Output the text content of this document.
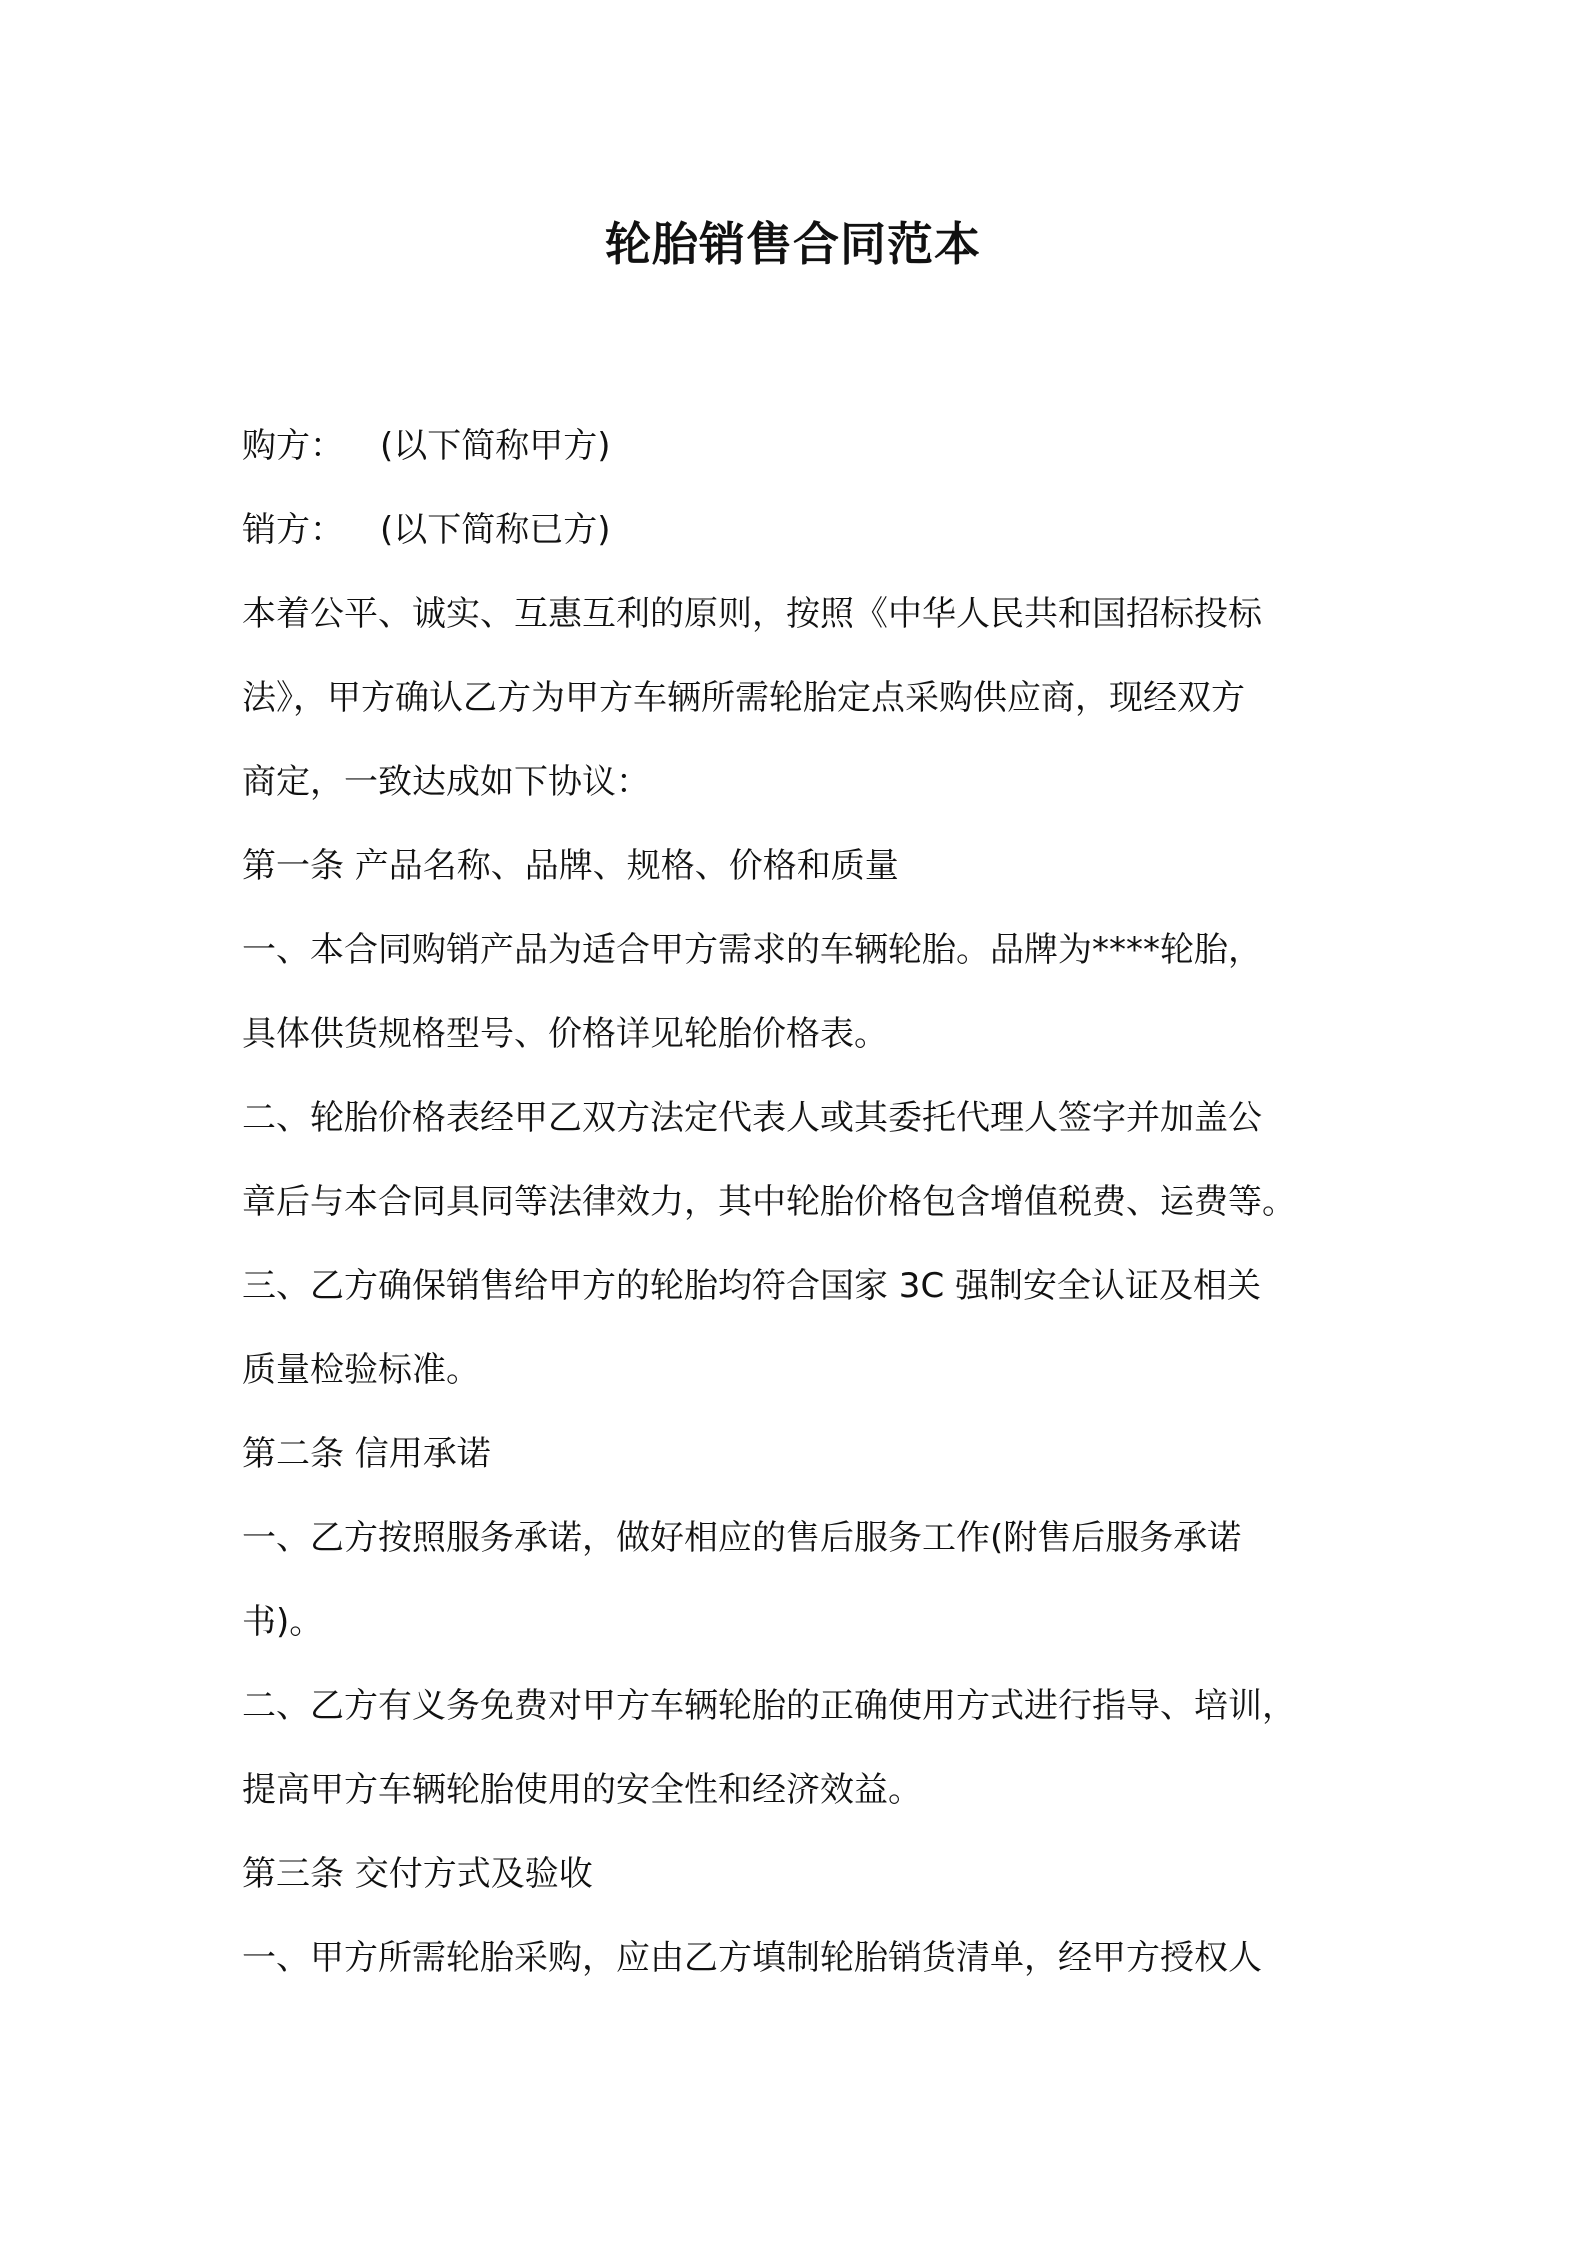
轮胎销售合同范本
购方： (以下简称甲方)
销方： (以下简称已方)
本着公平、诚实、互惠互利的原则，按照《中华人民共和国招标投标
法》，甲方确认乙方为甲方车辆所需轮胎定点采购供应商，现经双方
商定，一致达成如下协议：
第一条 产品名称、品牌、规格、价格和质量
一、本合同购销产品为适合甲方需求的车辆轮胎。品牌为****轮胎，
具体供货规格型号、价格详见轮胎价格表。
二、轮胎价格表经甲乙双方法定代表人或其委托代理人签字并加盖公
章后与本合同具同等法律效力，其中轮胎价格包含增值税费、运费等。
三、乙方确保销售给甲方的轮胎均符合国家 3C 强制安全认证及相关
质量检验标准。
第二条 信用承诺
一、乙方按照服务承诺，做好相应的售后服务工作(附售后服务承诺
书)。
二、乙方有义务免费对甲方车辆轮胎的正确使用方式进行指导、培训，
提高甲方车辆轮胎使用的安全性和经济效益。
第三条 交付方式及验收
一、甲方所需轮胎采购，应由乙方填制轮胎销货清单，经甲方授权人
